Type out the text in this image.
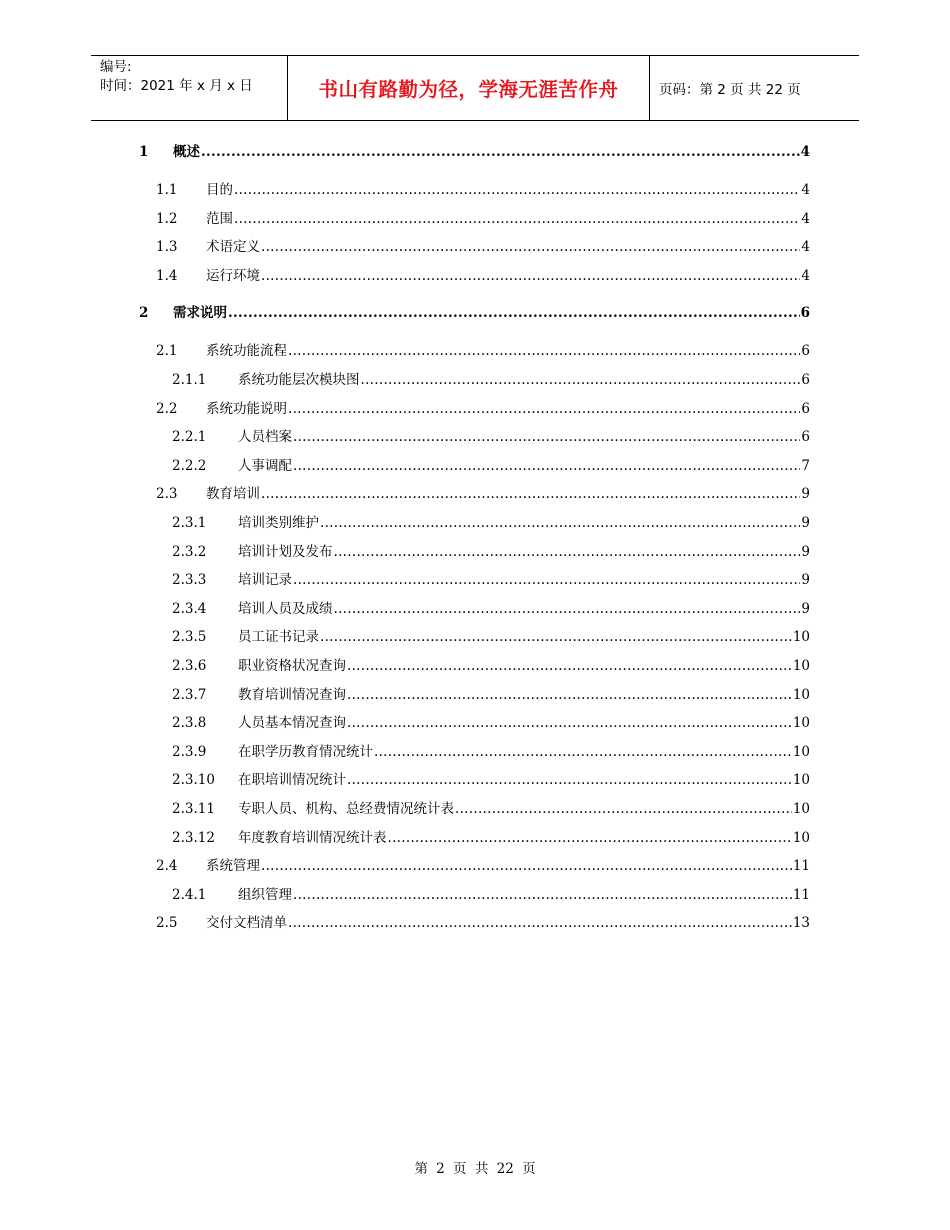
编号:
时间：2021 年 x 月 x 日	书山有路勤为径，学海无涯苦作舟	页码：第 2 页 共 22 页
1	概述 .....	4
1.1	目的 .....	4
1.2	范围 .....	4
1.3	术语定义 .....	4
1.4	运行环境 .....	4
2	需求说明 .....	6
2.1	系统功能流程 .....	6
2.1.1	系统功能层次模块图 .....	6
2.2	系统功能说明 .....	6
2.2.1	人员档案 .....	6
2.2.2	人事调配 .....	7
2.3	教育培训 .....	9
2.3.1	培训类别维护 .....	9
2.3.2	培训计划及发布 .....	9
2.3.3	培训记录 .....	9
2.3.4	培训人员及成绩 .....	9
2.3.5	员工证书记录 .....	10
2.3.6	职业资格状况查询 .....	10
2.3.7	教育培训情况查询 .....	10
2.3.8	人员基本情况查询 .....	10
2.3.9	在职学历教育情况统计 .....	10
2.3.10	在职培训情况统计 .....	10
2.3.11	专职人员、机构、总经费情况统计表 .....	10
2.3.12	年度教育培训情况统计表 .....	10
2.4	系统管理 .....	11
2.4.1	组织管理 .....	11
2.5	交付文档清单 .....	13
第 2 页 共 22 页
